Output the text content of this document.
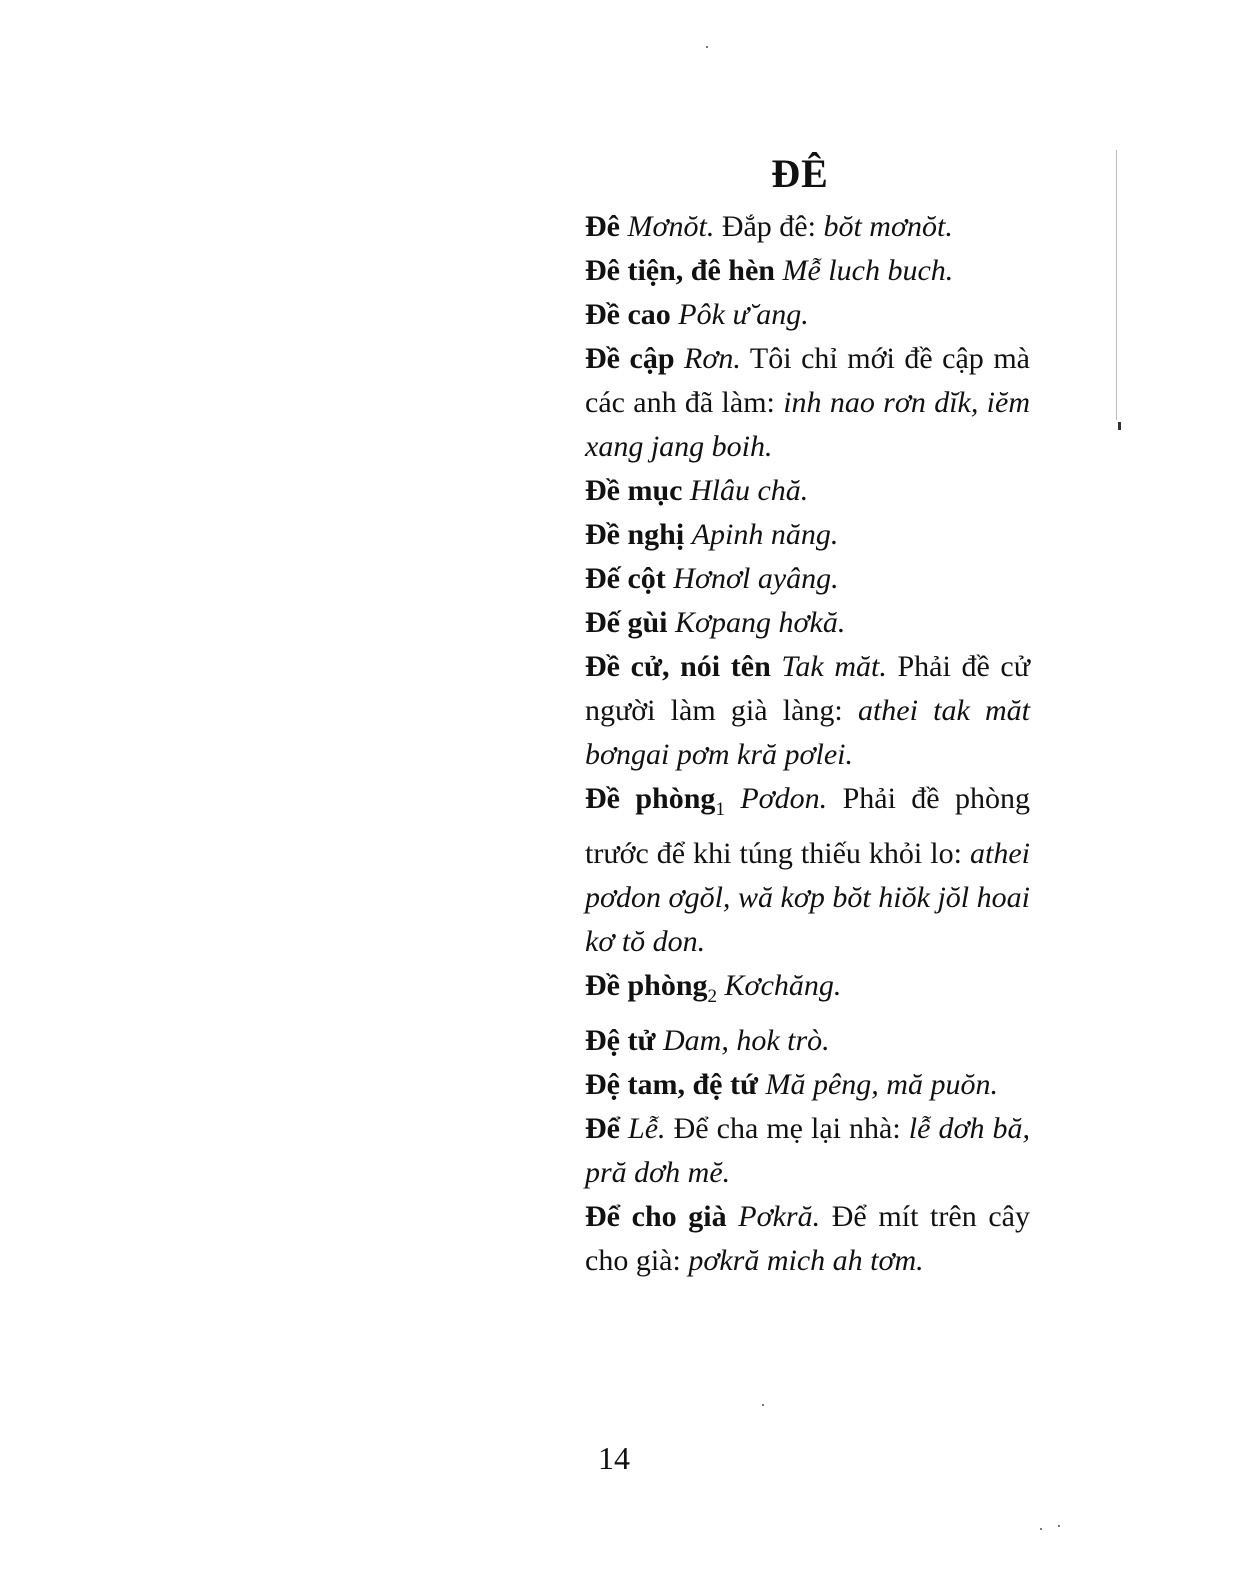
ĐÊ

Đê Mơnŏt. Đắp đê: bŏt mơnŏt.

Đê tiện, đê hèn Mễ luch buch.

Đề cao Pôk ư̆ ang.

Đề cập Rơn. Tôi chỉ mới đề cập mà các anh đã làm: inh nao rơn dĭk, iĕm xang jang boih.

Đề mục Hlâu chă.

Đề nghị Apinh năng.

Đế cột Hơnơl ayâng.

Đế gùi Kơpang hơkă.

Đề cử, nói tên Tak măt. Phải đề cử người làm già làng: athei tak măt bơngai pơm kră pơlei.

Đề phòng$_1$ Pơdon. Phải đề phòng trước để khi túng thiếu khỏi lo: athei pơdon ơgŏl, wă kơp bŏt hiŏk jŏl hoai kơ tŏ don.

Đề phòng$_2$ Kơchăng.

Đệ tử Dam, hok trò.

Đệ tam, đệ tứ Mă pêng, mă puŏn.

Để Lễ. Để cha mẹ lại nhà: lễ dơh bă, pră dơh mĕ.

Để cho già Pơkră. Để mít trên cây cho già: pơkră mich ah tơm.

14
